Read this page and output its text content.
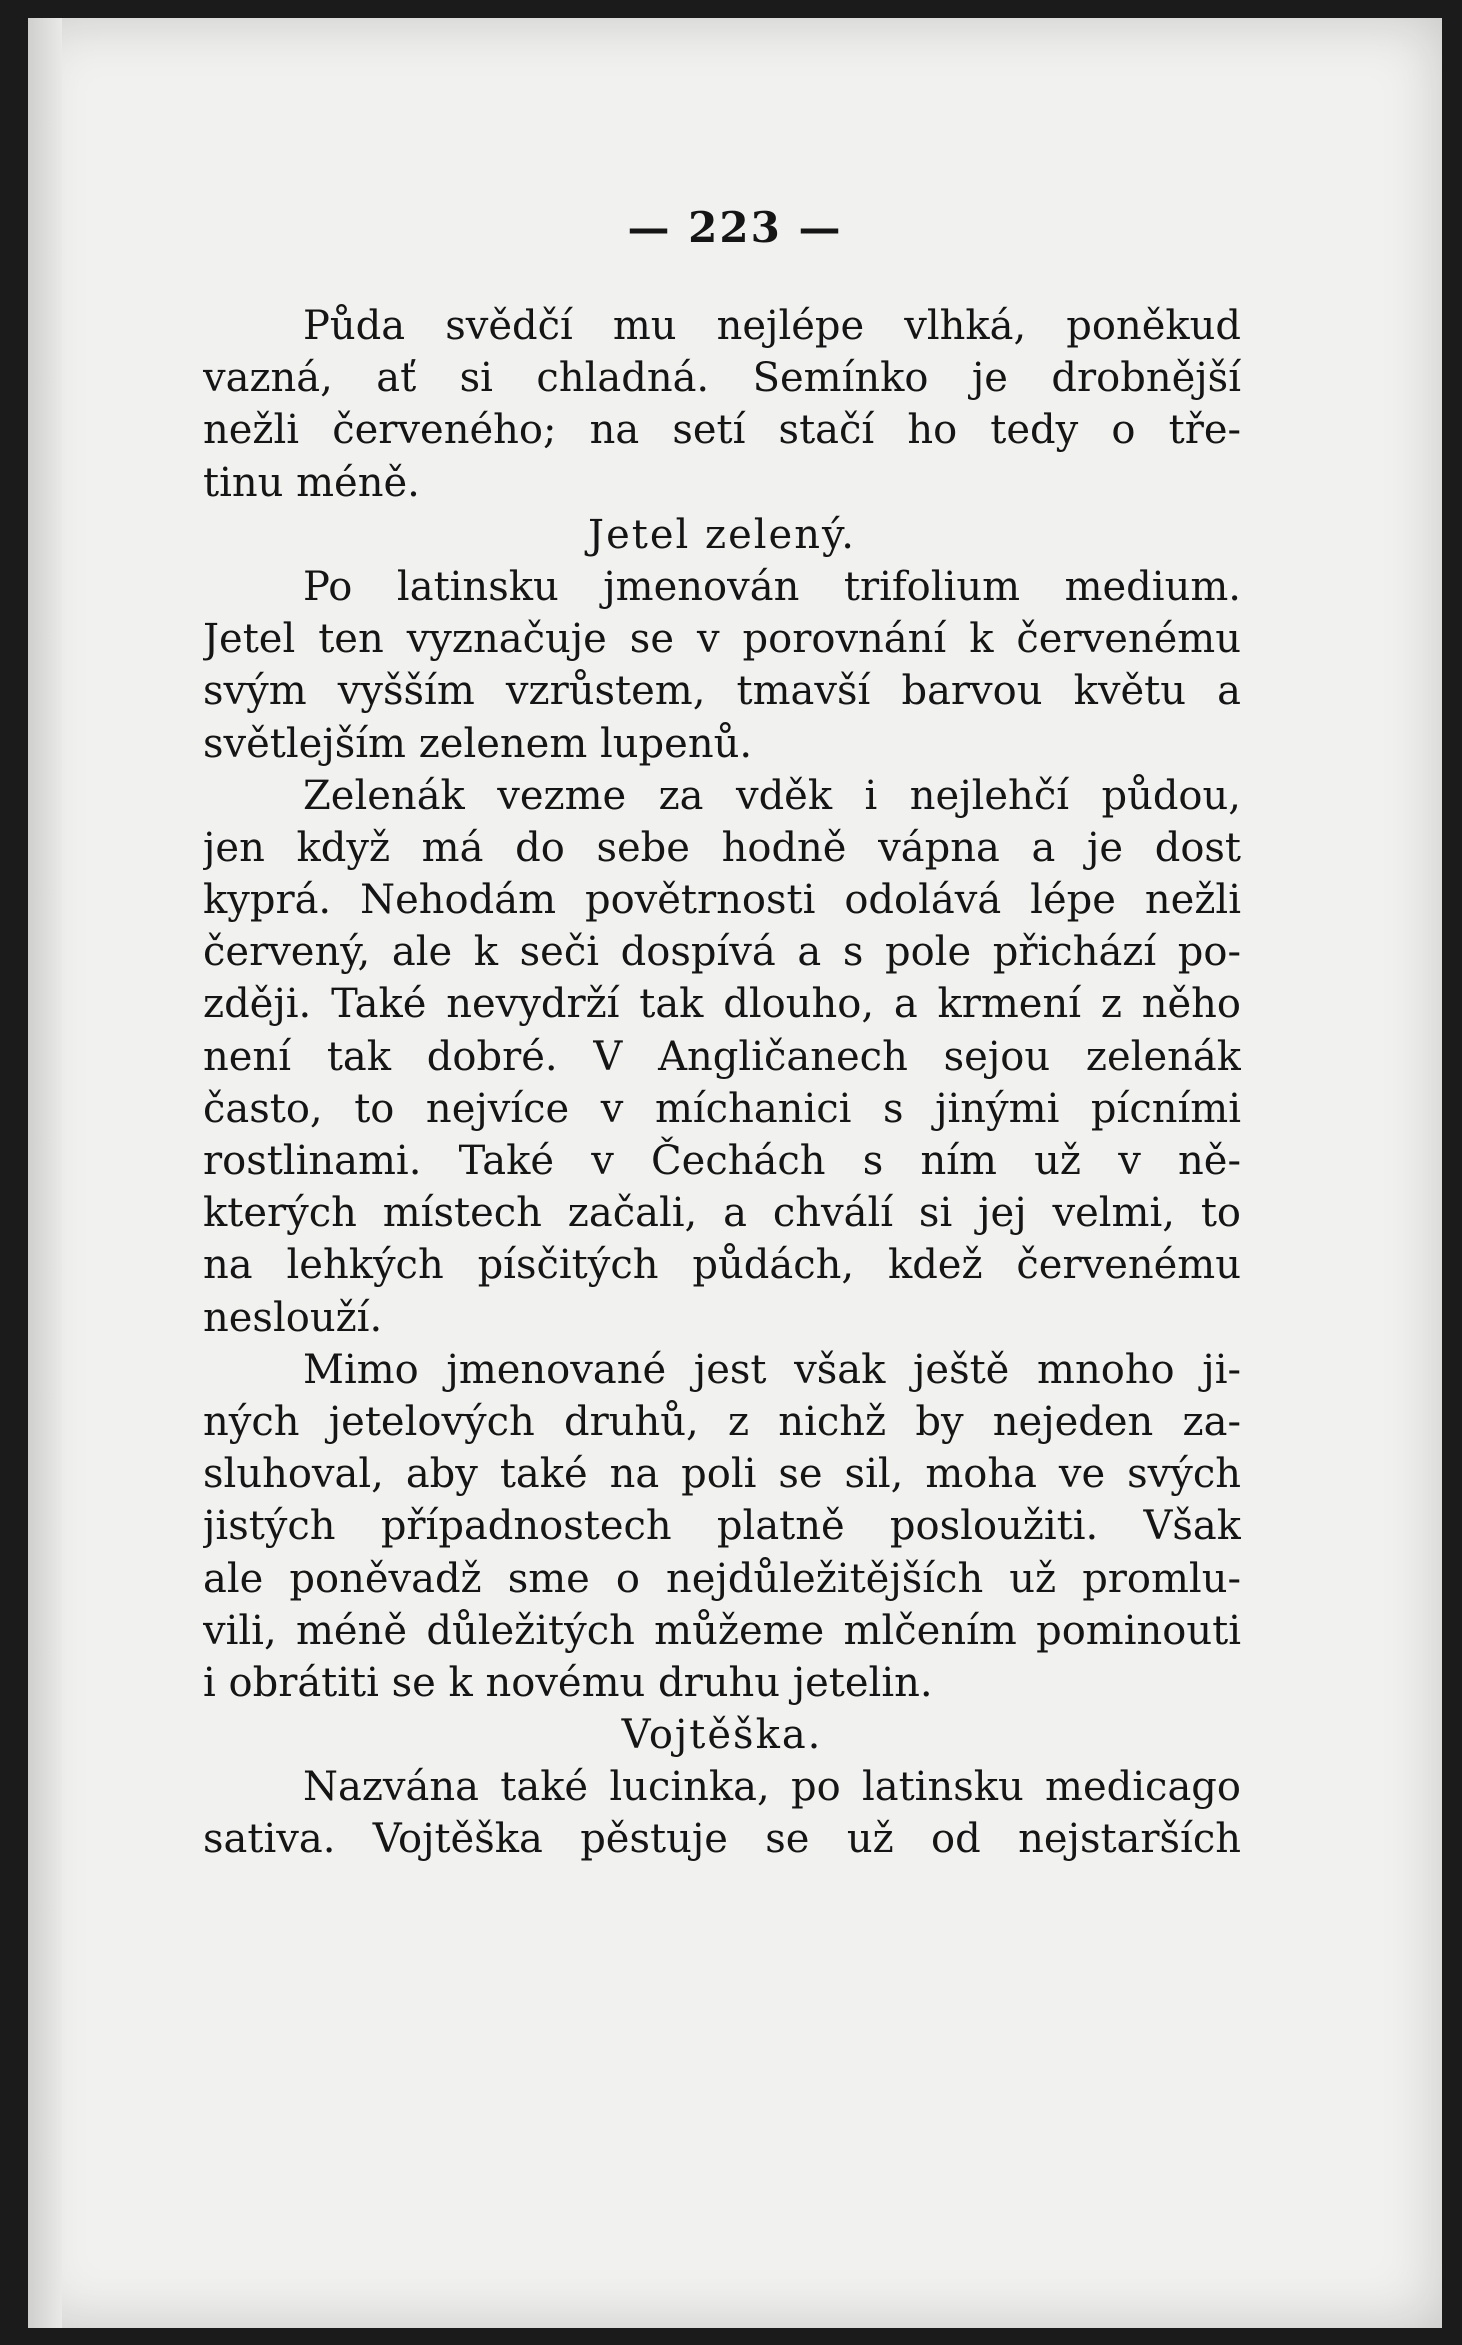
— 223 —
Půda svědčí mu nejlépe vlhká, poněkud
vazná, ať si chladná. Semínko je drobnější
nežli červeného; na setí stačí ho tedy o tře-
tinu méně.
Jetel zelený.
Po latinsku jmenován trifolium medium.
Jetel ten vyznačuje se v porovnání k červenému
svým vyšším vzrůstem, tmavší barvou květu a
světlejším zelenem lupenů.
Zelenák vezme za vděk i nejlehčí půdou,
jen když má do sebe hodně vápna a je dost
kyprá. Nehodám povětrnosti odolává lépe nežli
červený, ale k seči dospívá a s pole přichází po-
zději. Také nevydrží tak dlouho, a krmení z něho
není tak dobré. V Angličanech sejou zelenák
často, to nejvíce v míchanici s jinými pícními
rostlinami. Také v Čechách s ním už v ně-
kterých místech začali, a chválí si jej velmi, to
na lehkých písčitých půdách, kdež červenému
neslouží.
Mimo jmenované jest však ještě mnoho ji-
ných jetelových druhů, z nichž by nejeden za-
sluhoval, aby také na poli se sil, moha ve svých
jistých případnostech platně posloužiti. Však
ale poněvadž sme o nejdůležitějších už promlu-
vili, méně důležitých můžeme mlčením pominouti
i obrátiti se k novému druhu jetelin.
Vojtěška.
Nazvána také lucinka, po latinsku medicago
sativa. Vojtěška pěstuje se už od nejstarších
